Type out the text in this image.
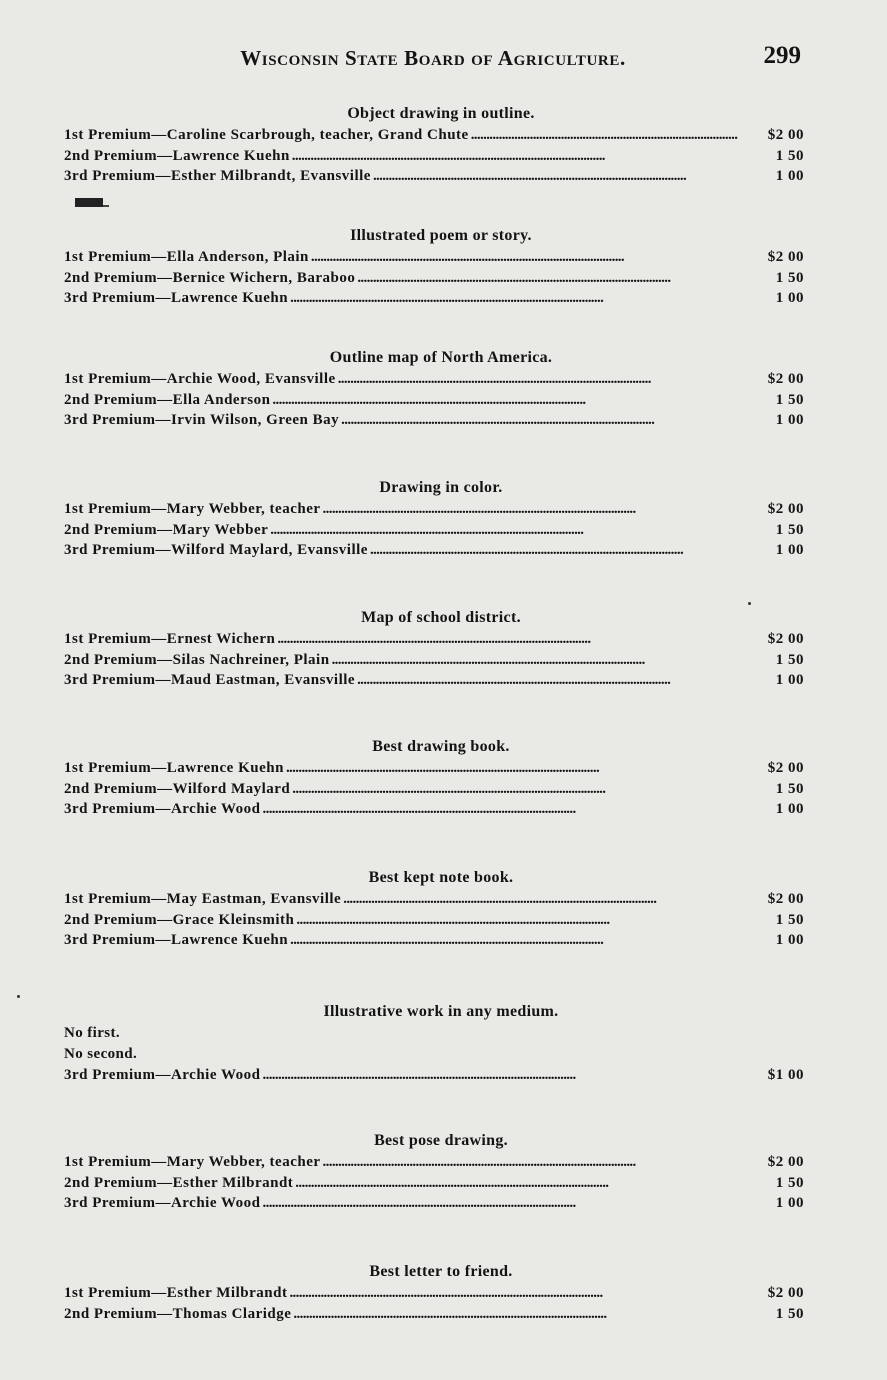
Wisconsin State Board of Agriculture.	299
Object drawing in outline.
1st Premium—Caroline Scarbrough, teacher, Grand Chute . . .	$2 00
2nd Premium—Lawrence Kuehn . . .	1 50
3rd Premium—Esther Milbrandt, Evansville . . .	1 00
Illustrated poem or story.
1st Premium—Ella Anderson, Plain . . .	$2 00
2nd Premium—Bernice Wichern, Baraboo . . .	1 50
3rd Premium—Lawrence Kuehn . . .	1 00
Outline map of North America.
1st Premium—Archie Wood, Evansville . . .	$2 00
2nd Premium—Ella Anderson . . .	1 50
3rd Premium—Irvin Wilson, Green Bay . . .	1 00
Drawing in color.
1st Premium—Mary Webber, teacher . . .	$2 00
2nd Premium—Mary Webber . . .	1 50
3rd Premium—Wilford Maylard, Evansville . . .	1 00
Map of school district.
1st Premium—Ernest Wichern . . .	$2 00
2nd Premium—Silas Nachreiner, Plain . . .	1 50
3rd Premium—Maud Eastman, Evansville . . .	1 00
Best drawing book.
1st Premium—Lawrence Kuehn . . .	$2 00
2nd Premium—Wilford Maylard . . .	1 50
3rd Premium—Archie Wood . . .	1 00
Best kept note book.
1st Premium—May Eastman, Evansville . . .	$2 00
2nd Premium—Grace Kleinsmith . . .	1 50
3rd Premium—Lawrence Kuehn . . .	1 00
Illustrative work in any medium.
No first.
No second.
3rd Premium—Archie Wood . . .	$1 00
Best pose drawing.
1st Premium—Mary Webber, teacher . . .	$2 00
2nd Premium—Esther Milbrandt . . .	1 50
3rd Premium—Archie Wood . . .	1 00
Best letter to friend.
1st Premium—Esther Milbrandt . . .	$2 00
2nd Premium—Thomas Claridge . . .	1 50
